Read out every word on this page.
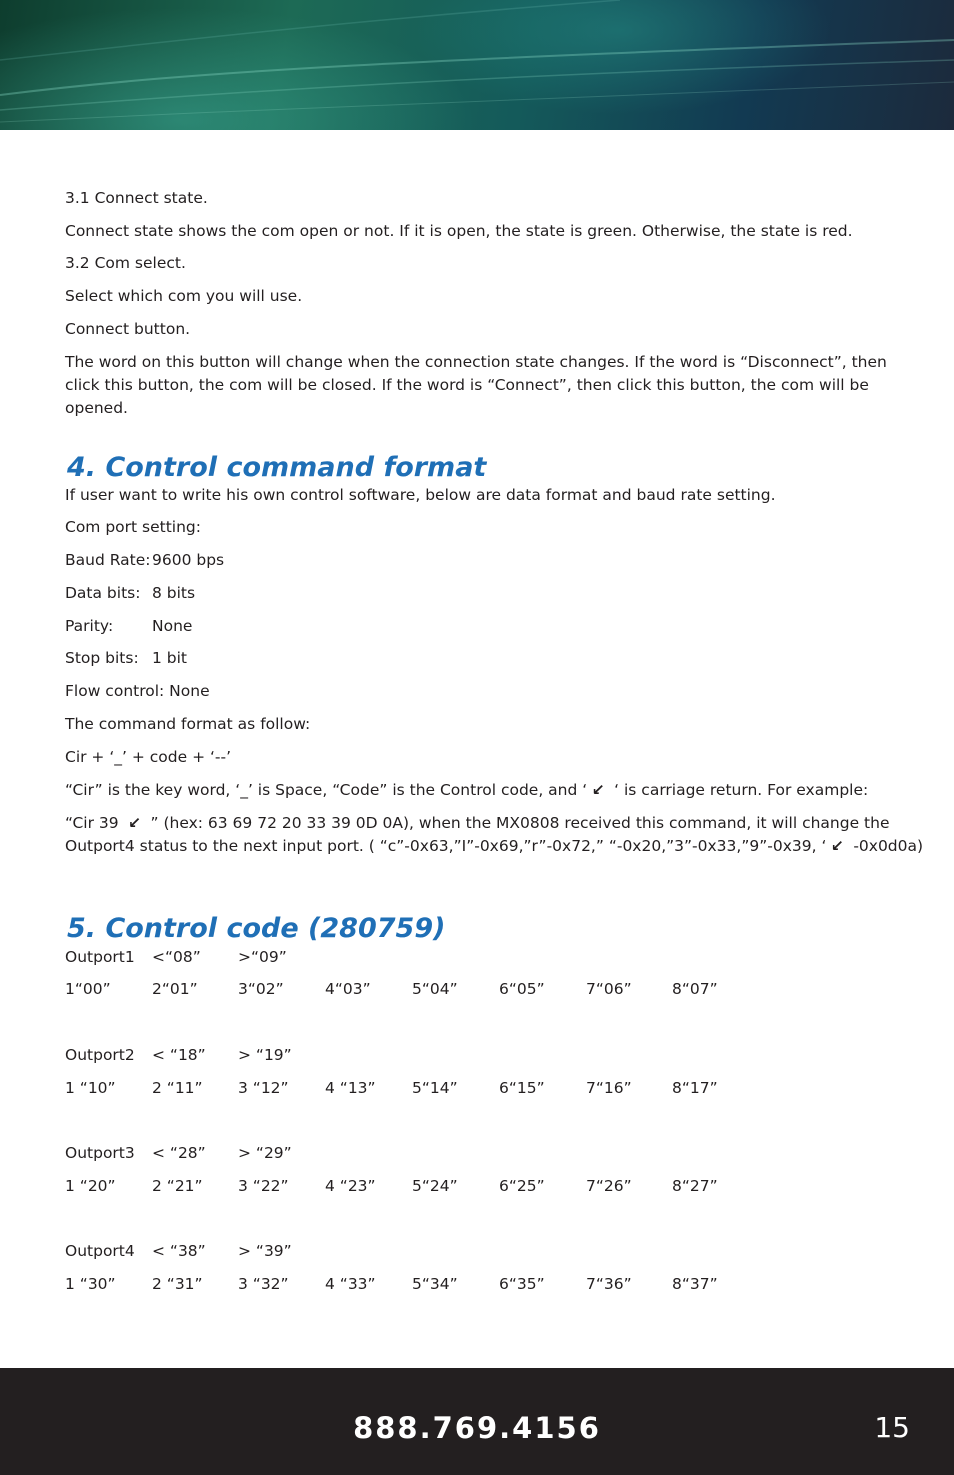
3.1 Connect state.
Connect state shows the com open or not. If it is open, the state is green. Otherwise, the state is red.
3.2 Com select.
Select which com you will use.
Connect button.
The word on this button will change when the connection state changes. If the word is “Disconnect”, then click this button, the com will be closed. If the word is “Connect”, then click this button, the com will be opened.
4. Control command format
If user want to write his own control software, below are data format and baud rate setting.
Com port setting:
Baud Rate:9600 bps
Data bits: 8 bits
Parity:	None
Stop bits: 1 bit
Flow control: None
The command format as follow:
Cir + ‘_’ + code + ‘--’
“Cir” is the key word, ‘_’ is Space, “Code” is the Control code, and ‘ ↙ ‘ is carriage return. For example:
“Cir 39 ↙ ” (hex: 63 69 72 20 33 39 0D 0A), when the MX0808 received this command, it will change the
Outport4 status to the next input port. ( “c”-0x63,”I”-0x69,”r”-0x72,” “-0x20,”3”-0x33,”9”-0x39, ‘ ↙ -0x0d0a)
5. Control code (280759)
Outport1 <“08” >“09”
1“00”	2“01”	3“02”	4“03”	5“04”	6“05”	7“06”	8“07”
Outport2 < “18” > “19”
1 “10” 2 “11” 3 “12” 4 “13” 5“14”	6“15”	7“16”	8“17”
Outport3 < “28” > “29”
1 “20” 2 “21” 3 “22” 4 “23” 5“24”	6“25”	7“26”	8“27”
Outport4 < “38” > “39”
1 “30” 2 “31” 3 “32” 4 “33” 5“34”	6“35”	7“36”	8“37”
888.769.4156	15
